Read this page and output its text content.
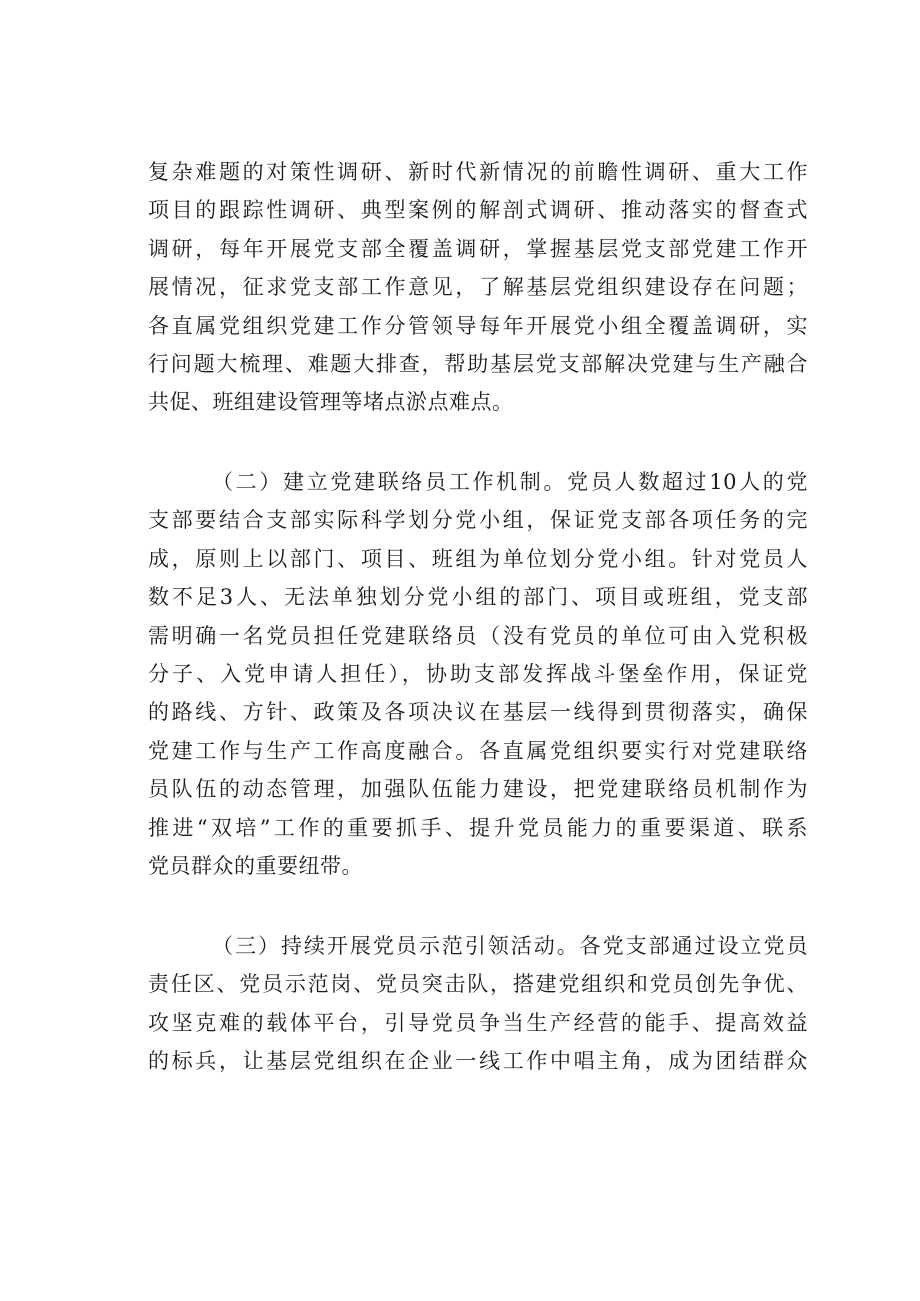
复杂难题的对策性调研、新时代新情况的前瞻性调研、重大工作
项目的跟踪性调研、典型案例的解剖式调研、推动落实的督查式
调研，每年开展党支部全覆盖调研，掌握基层党支部党建工作开
展情况，征求党支部工作意见，了解基层党组织建设存在问题；
各直属党组织党建工作分管领导每年开展党小组全覆盖调研，实
行问题大梳理、难题大排查，帮助基层党支部解决党建与生产融合
共促、班组建设管理等堵点淤点难点。
（二）建立党建联络员工作机制。党员人数超过10人的党
支部要结合支部实际科学划分党小组，保证党支部各项任务的完
成，原则上以部门、项目、班组为单位划分党小组。针对党员人
数不足3人、无法单独划分党小组的部门、项目或班组，党支部
需明确一名党员担任党建联络员（没有党员的单位可由入党积极
分子、入党申请人担任），协助支部发挥战斗堡垒作用，保证党
的路线、方针、政策及各项决议在基层一线得到贯彻落实，确保
党建工作与生产工作高度融合。各直属党组织要实行对党建联络
员队伍的动态管理，加强队伍能力建设，把党建联络员机制作为
推进“双培”工作的重要抓手、提升党员能力的重要渠道、联系
党员群众的重要纽带。
（三）持续开展党员示范引领活动。各党支部通过设立党员
责任区、党员示范岗、党员突击队，搭建党组织和党员创先争优、
攻坚克难的载体平台，引导党员争当生产经营的能手、提高效益
的标兵，让基层党组织在企业一线工作中唱主角，成为团结群众
